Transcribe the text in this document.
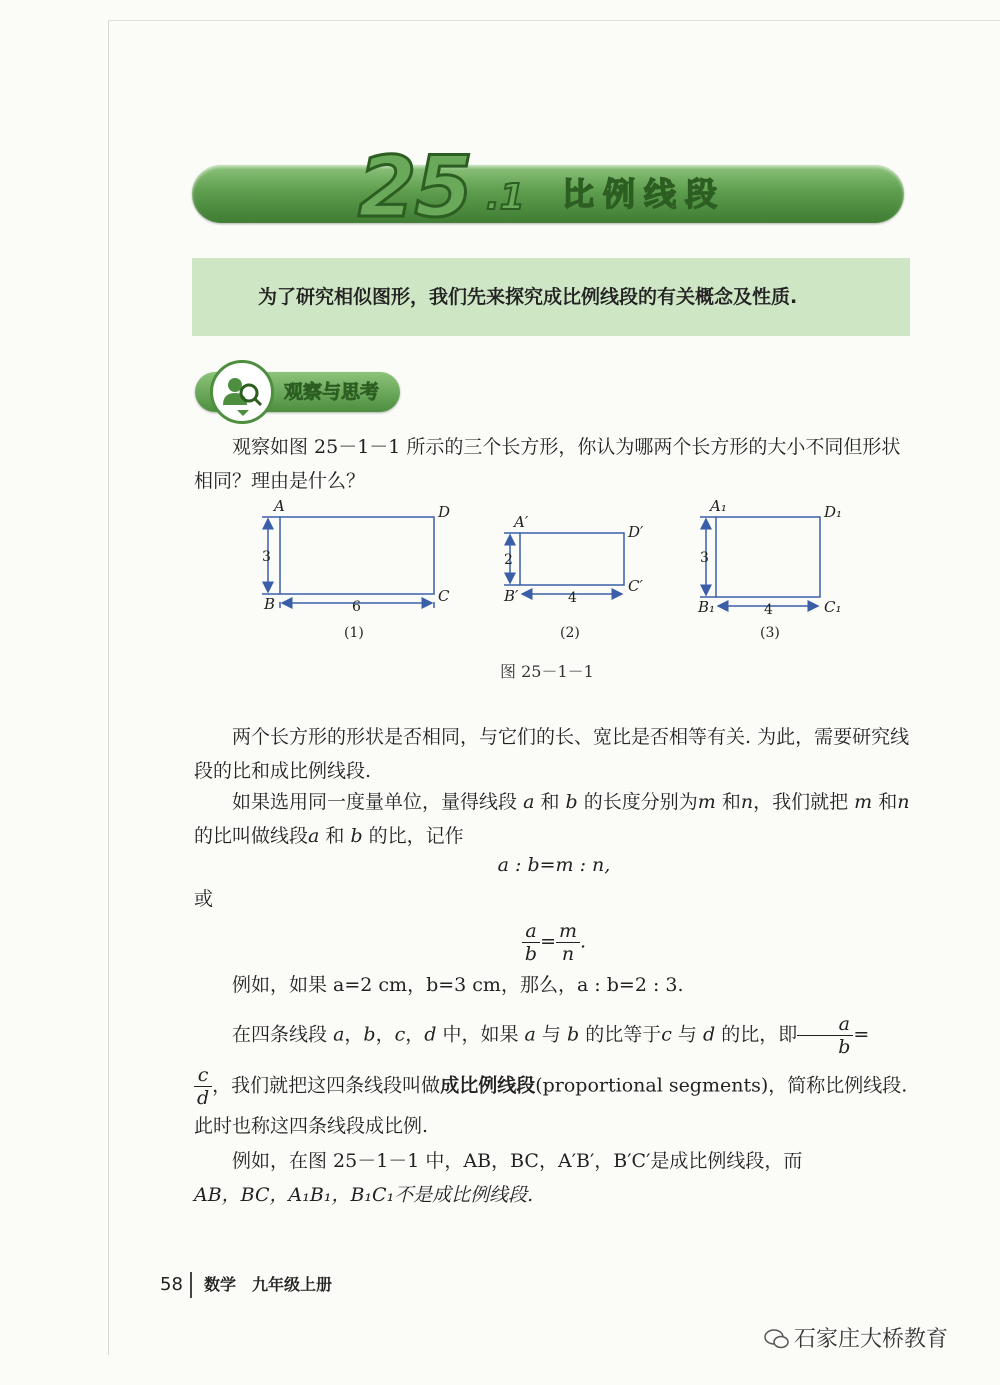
25 .1 比例线段
为了研究相似图形，我们先来探究成比例线段的有关概念及性质.
观察与思考
观察如图 25－1－1 所示的三个长方形，你认为哪两个长方形的大小不同但形状相同？理由是什么？
A	D
B	C
3
6
(1)
A′
D′
B′
C′
2
4
(2)
A₁	D₁
B₁	C₁
3
4
(3)
图 25－1－1
两个长方形的形状是否相同，与它们的长、宽比是否相等有关. 为此，需要研究线段的比和成比例线段.
如果选用同一度量单位，量得线段 a 和 b 的长度分别为m 和n，我们就把 m 和n 的比叫做线段a 和 b 的比，记作
a : b=m : n,
或
$\frac{a}{b} = \frac{m}{n}$ .
例如，如果 a=2 cm，b=3 cm，那么，a : b=2 : 3.
在四条线段 a，b，c，d 中，如果 a 与 b 的比等于c 与 d 的比，即 $\frac{a}{b}$ =
$\frac{c}{d}$ ，我们就把这四条线段叫做成比例线段(proportional segments)，简称比例线段. 此时也称这四条线段成比例.
例如，在图 25－1－1 中，AB，BC，A′B′，B′C′是成比例线段，而
AB，BC，A₁B₁，B₁C₁不是成比例线段.
58 数学　九年级上册
石家庄大桥教育
